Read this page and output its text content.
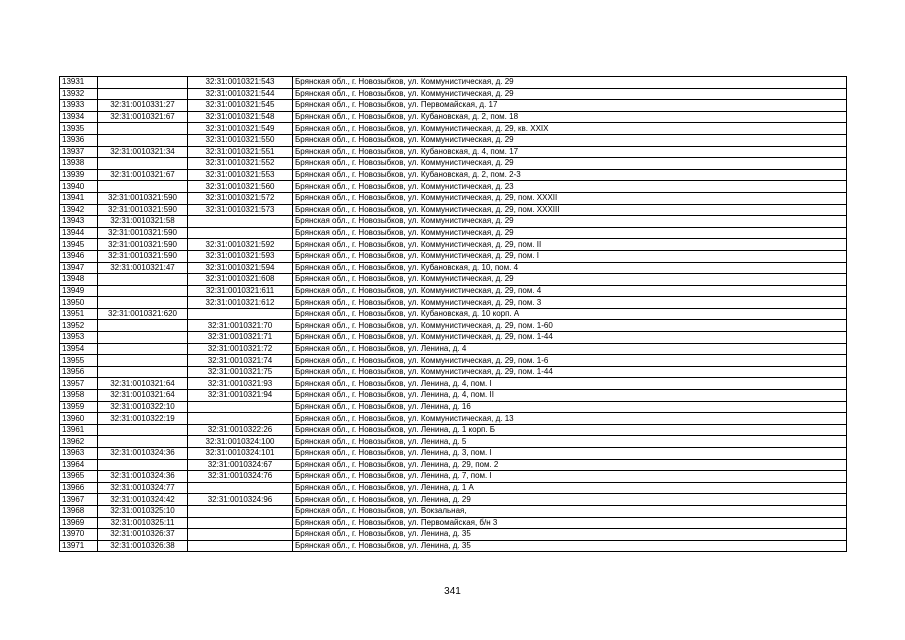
13931		32:31:0010321:543	Брянская обл., г. Новозыбков, ул. Коммунистическая, д. 29
13932		32:31:0010321:544	Брянская обл., г. Новозыбков, ул. Коммунистическая, д. 29
13933	32:31:0010331:27	32:31:0010321:545	Брянская обл., г. Новозыбков, ул. Первомайская, д. 17
13934	32:31:0010321:67	32:31:0010321:548	Брянская обл., г. Новозыбков, ул. Кубановская, д. 2, пом. 18
13935		32:31:0010321:549	Брянская обл., г. Новозыбков, ул. Коммунистическая, д. 29, кв. XXIX
13936		32:31:0010321:550	Брянская обл., г. Новозыбков, ул. Коммунистическая, д. 29
13937	32:31:0010321:34	32:31:0010321:551	Брянская обл., г. Новозыбков, ул. Кубановская, д. 4, пом. 17
13938		32:31:0010321:552	Брянская обл., г. Новозыбков, ул. Коммунистическая, д. 29
13939	32:31:0010321:67	32:31:0010321:553	Брянская обл., г. Новозыбков, ул. Кубановская, д. 2, пом. 2-3
13940		32:31:0010321:560	Брянская обл., г. Новозыбков, ул. Коммунистическая, д. 23
13941	32:31:0010321:590	32:31:0010321:572	Брянская обл., г. Новозыбков, ул. Коммунистическая, д. 29, пом. XXXII
13942	32:31:0010321:590	32:31:0010321:573	Брянская обл., г. Новозыбков, ул. Коммунистическая, д. 29, пом. XXXIII
13943	32:31:0010321:58		Брянская обл., г. Новозыбков, ул. Коммунистическая, д. 29
13944	32:31:0010321:590		Брянская обл., г. Новозыбков, ул. Коммунистическая, д. 29
13945	32:31:0010321:590	32:31:0010321:592	Брянская обл., г. Новозыбков, ул. Коммунистическая, д. 29, пом. II
13946	32:31:0010321:590	32:31:0010321:593	Брянская обл., г. Новозыбков, ул. Коммунистическая, д. 29, пом. I
13947	32:31:0010321:47	32:31:0010321:594	Брянская обл., г. Новозыбков, ул. Кубановская, д. 10, пом. 4
13948		32:31:0010321:608	Брянская обл., г. Новозыбков, ул. Коммунистическая, д. 29
13949		32:31:0010321:611	Брянская обл., г. Новозыбков, ул. Коммунистическая, д. 29, пом. 4
13950		32:31:0010321:612	Брянская обл., г. Новозыбков, ул. Коммунистическая, д. 29, пом. 3
13951	32:31:0010321:620		Брянская обл., г. Новозыбков, ул. Кубановская, д. 10 корп. А
13952		32:31:0010321:70	Брянская обл., г. Новозыбков, ул. Коммунистическая, д. 29, пом. 1-60
13953		32:31:0010321:71	Брянская обл., г. Новозыбков, ул. Коммунистическая, д. 29, пом. 1-44
13954		32:31:0010321:72	Брянская обл., г. Новозыбков, ул. Ленина, д. 4
13955		32:31:0010321:74	Брянская обл., г. Новозыбков, ул. Коммунистическая, д. 29, пом. 1-6
13956		32:31:0010321:75	Брянская обл., г. Новозыбков, ул. Коммунистическая, д. 29, пом. 1-44
13957	32:31:0010321:64	32:31:0010321:93	Брянская обл., г. Новозыбков, ул. Ленина, д. 4, пом. I
13958	32:31:0010321:64	32:31:0010321:94	Брянская обл., г. Новозыбков, ул. Ленина, д. 4, пом. II
13959	32:31:0010322:10		Брянская обл., г. Новозыбков, ул. Ленина, д. 16
13960	32:31:0010322:19		Брянская обл., г. Новозыбков, ул. Коммунистическая, д. 13
13961		32:31:0010322:26	Брянская обл., г. Новозыбков, ул. Ленина, д. 1 корп. Б
13962		32:31:0010324:100	Брянская обл., г. Новозыбков, ул. Ленина, д. 5
13963	32:31:0010324:36	32:31:0010324:101	Брянская обл., г. Новозыбков, ул. Ленина, д. 3, пом. I
13964		32:31:0010324:67	Брянская обл., г. Новозыбков, ул. Ленина, д. 29, пом. 2
13965	32:31:0010324:36	32:31:0010324:76	Брянская обл., г. Новозыбков, ул. Ленина, д. 7, пом. I
13966	32:31:0010324:77		Брянская обл., г. Новозыбков, ул. Ленина, д. 1 А
13967	32:31:0010324:42	32:31:0010324:96	Брянская обл., г. Новозыбков, ул. Ленина, д. 29
13968	32:31:0010325:10		Брянская обл., г. Новозыбков, ул. Вокзальная,
13969	32:31:0010325:11		Брянская обл., г. Новозыбков, ул. Первомайская, б/н 3
13970	32:31:0010326:37		Брянская обл., г. Новозыбков, ул. Ленина, д. 35
13971	32:31:0010326:38		Брянская обл., г. Новозыбков, ул. Ленина, д. 35
341
